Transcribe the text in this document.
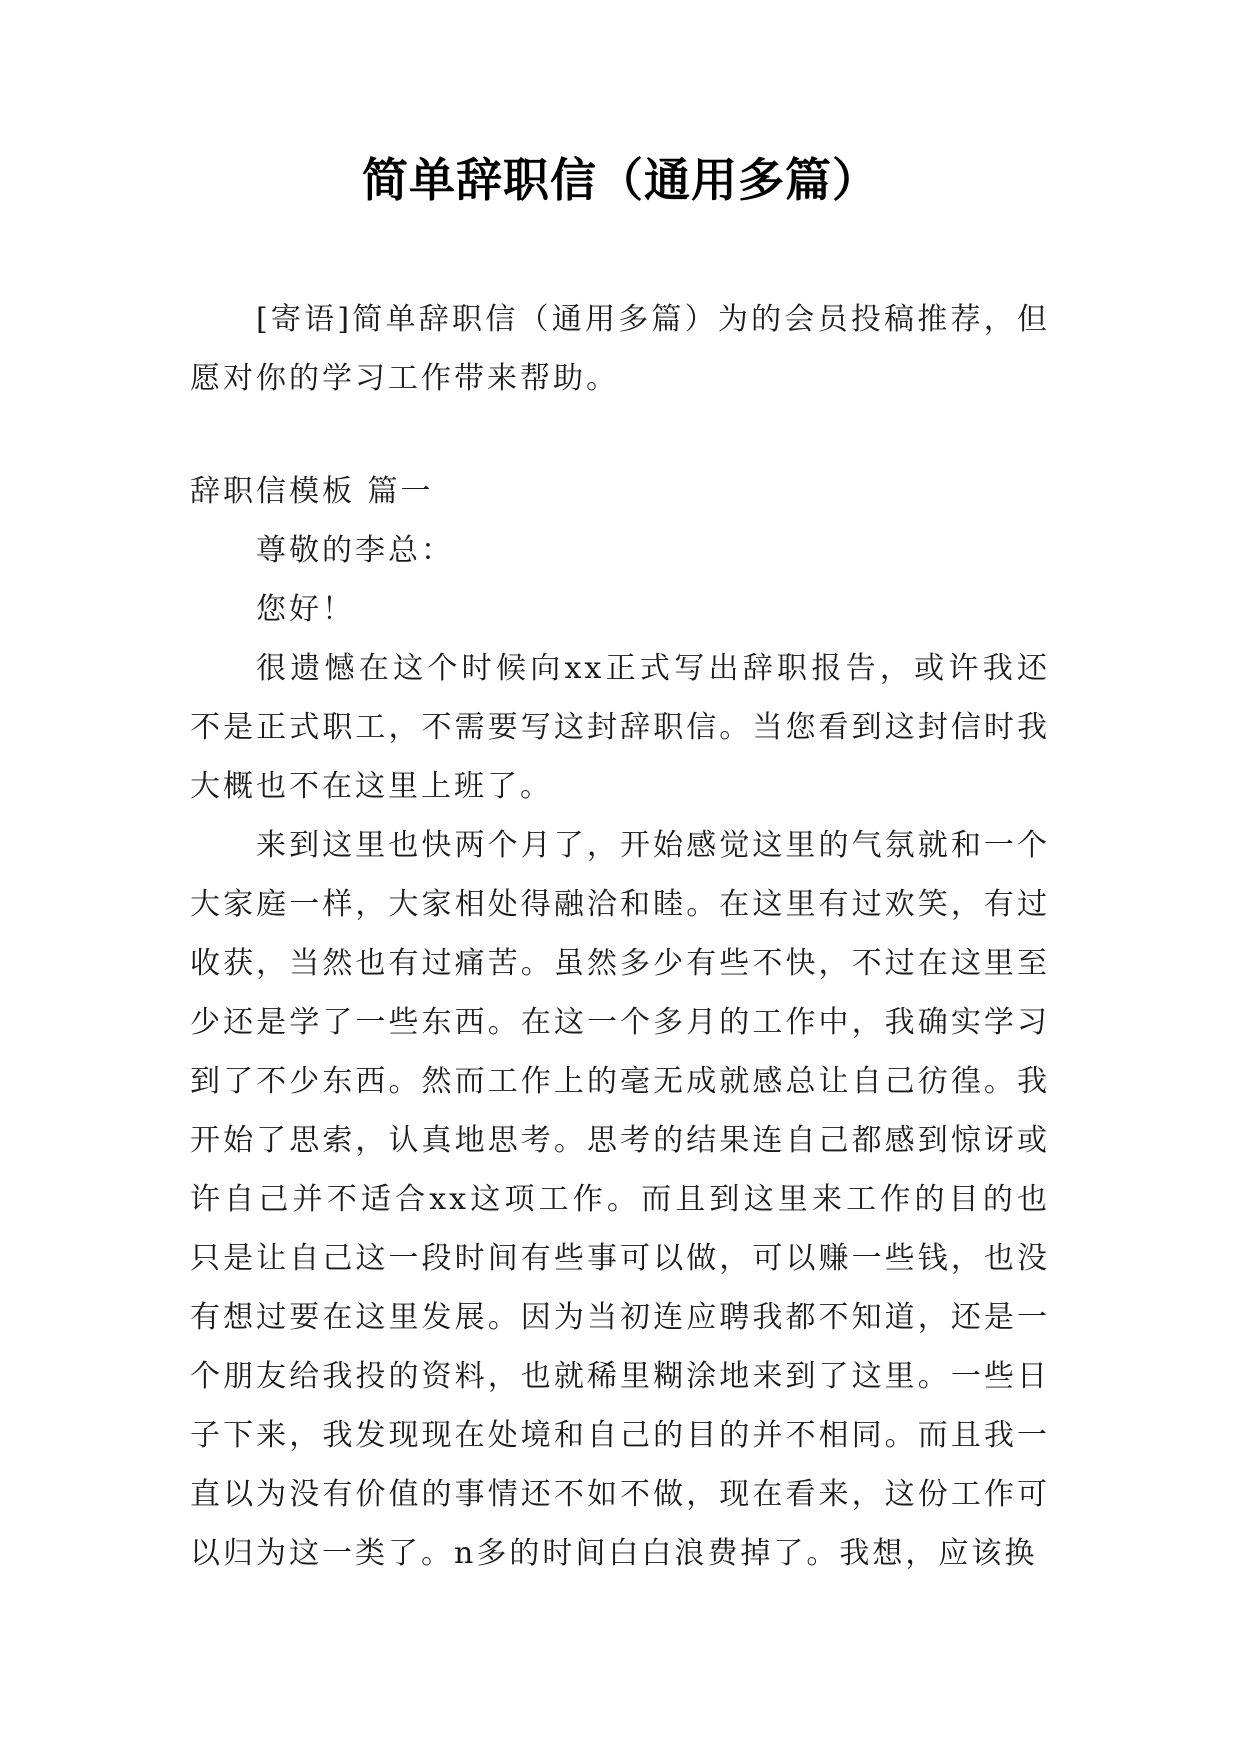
简单辞职信（通用多篇）

[寄语]简单辞职信（通用多篇）为的会员投稿推荐，但愿对你的学习工作带来帮助。

辞职信模板 篇一

尊敬的李总：

您好！

很遗憾在这个时候向xx正式写出辞职报告，或许我还不是正式职工，不需要写这封辞职信。当您看到这封信时我大概也不在这里上班了。

来到这里也快两个月了，开始感觉这里的气氛就和一个大家庭一样，大家相处得融洽和睦。在这里有过欢笑，有过收获，当然也有过痛苦。虽然多少有些不快，不过在这里至少还是学了一些东西。在这一个多月的工作中，我确实学习到了不少东西。然而工作上的毫无成就感总让自己彷徨。我开始了思索，认真地思考。思考的结果连自己都感到惊讶或许自己并不适合xx这项工作。而且到这里来工作的目的也只是让自己这一段时间有些事可以做，可以赚一些钱，也没有想过要在这里发展。因为当初连应聘我都不知道，还是一个朋友给我投的资料，也就稀里糊涂地来到了这里。一些日子下来，我发现现在处境和自己的目的并不相同。而且我一直以为没有价值的事情还不如不做，现在看来，这份工作可以归为这一类了。n多的时间白白浪费掉了。我想，应该换
